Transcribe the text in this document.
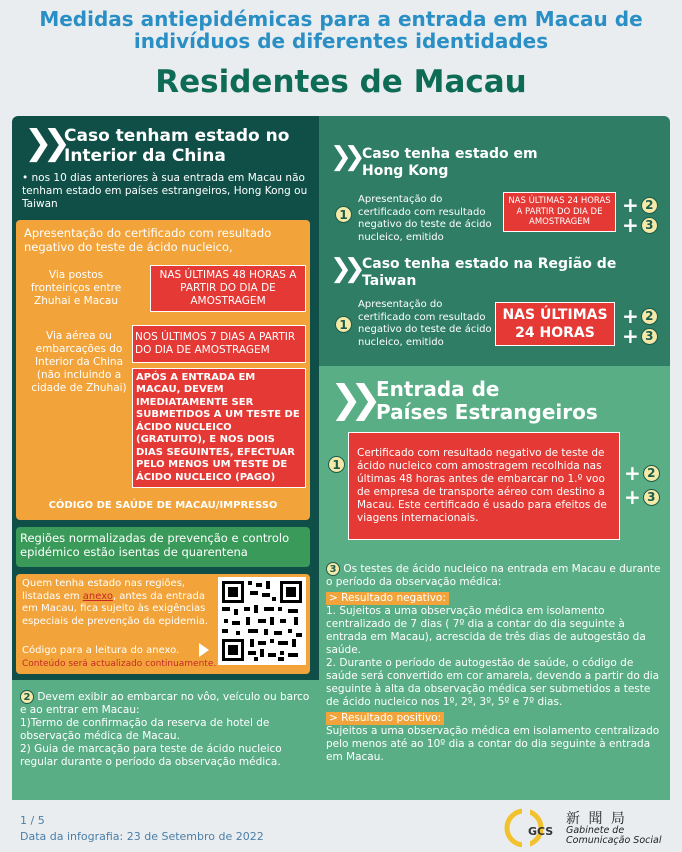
Medidas antiepidémicas para a entrada em Macau de
indivíduos de diferentes identidades
Residentes de Macau
❯❯ Caso tenham estado no
Interior da China
• nos 10 dias anteriores à sua entrada em Macau não tenham estado em países estrangeiros, Hong Kong ou Taiwan
Apresentação do certificado com resultado negativo do teste de ácido nucleico,
Via postos fronteiriços entre Zhuhai e Macau
NAS ÚLTIMAS 48 HORAS A PARTIR DO DIA DE AMOSTRAGEM
Via aérea ou embarcações do Interior da China (não incluindo a cidade de Zhuhai)
NOS ÚLTIMOS 7 DIAS A PARTIR DO DIA DE AMOSTRAGEM
APÓS A ENTRADA EM MACAU, DEVEM IMEDIATAMENTE SER SUBMETIDOS A UM TESTE DE ÁCIDO NUCLEICO (GRATUITO), E NOS DOIS DIAS SEGUINTES, EFECTUAR PELO MENOS UM TESTE DE ÁCIDO NUCLEICO (PAGO)
CÓDIGO DE SAÚDE DE MACAU/IMPRESSO
Regiões normalizadas de prevenção e controlo epidémico estão isentas de quarentena
Quem tenha estado nas regiões, listadas em anexo, antes da entrada em Macau, fica sujeito às exigências especiais de prevenção da epidemia.
Código para a leitura do anexo.
Conteúdo será actualizado continuamente.
❯❯ Caso tenha estado em
Hong Kong
1
Apresentação do certificado com resultado negativo do teste de ácido nucleico, emitido
NAS ÚLTIMAS 24 HORAS A PARTIR DO DIA DE AMOSTRAGEM
+ 2
+ 3
❯❯ Caso tenha estado na Região de
Taiwan
1
Apresentação do certificado com resultado negativo do teste de ácido nucleico, emitido
NAS ÚLTIMAS
24 HORAS
+ 2
+ 3
❯❯ Entrada de
Países Estrangeiros
1
Certificado com resultado negativo de teste de ácido nucleico com amostragem recolhida nas últimas 48 horas antes de embarcar no 1.º voo de empresa de transporte aéreo com destino a Macau. Este certificado é usado para efeitos de viagens internacionais.
+ 2
+ 3
3 Os testes de ácido nucleico na entrada em Macau e durante o período da observação médica:
> Resultado negativo:
1. Sujeitos a uma observação médica em isolamento centralizado de 7 dias ( 7º dia a contar do dia seguinte à entrada em Macau), acrescida de três dias de autogestão da saúde.
2. Durante o período de autogestão de saúde, o código de saúde será convertido em cor amarela, devendo a partir do dia seguinte à alta da observação médica ser submetidos a teste de ácido nucleico nos 1º, 2º, 3º, 5º e 7º dias.
> Resultado positivo:
Sujeitos a uma observação médica em isolamento centralizado pelo menos até ao 10º dia a contar do dia seguinte à entrada em Macau.
2 Devem exibir ao embarcar no vôo, veículo ou barco e ao entrar em Macau:
1)Termo de confirmação da reserva de hotel de observação médica de Macau.
2) Guia de marcação para teste de ácido nucleico regular durante o período da observação médica.
1 / 5
Data da infografia: 23 de Setembro de 2022	GCS
新 聞 局
Gabinete de
Comunicação Social
